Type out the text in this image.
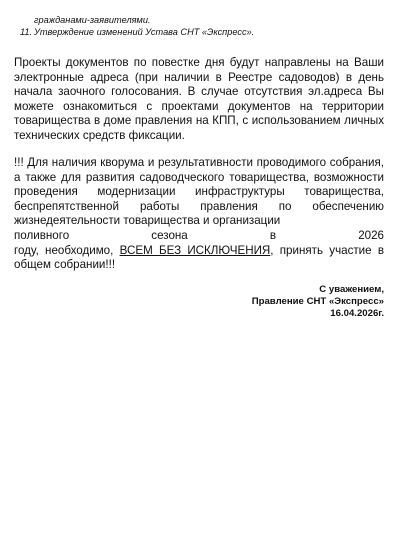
гражданами-заявителями.
11. Утверждение изменений Устава СНТ «Экспресс».

Проекты документов по повестке дня будут направлены на Ваши электронные адреса (при наличии в Реестре садоводов) в день начала заочного голосования. В случае отсутствия эл.адреса Вы можете ознакомиться с проектами документов на территории товарищества в доме правления на КПП, с использованием личных технических средств фиксации.

!!! Для наличия кворума и результативности проводимого собрания, а также для развития садоводческого товарищества, возможности проведения модернизации инфраструктуры товарищества, беспрепятственной работы правления по обеспечению жизнедеятельности товарищества и организации
поливного	сезона	в	2026
году, необходимо, ВСЕМ БЕЗ ИСКЛЮЧЕНИЯ, принять участие в общем собрании!!!
С уважением,
Правление СНТ «Экспресс»
16.04.2026г.
